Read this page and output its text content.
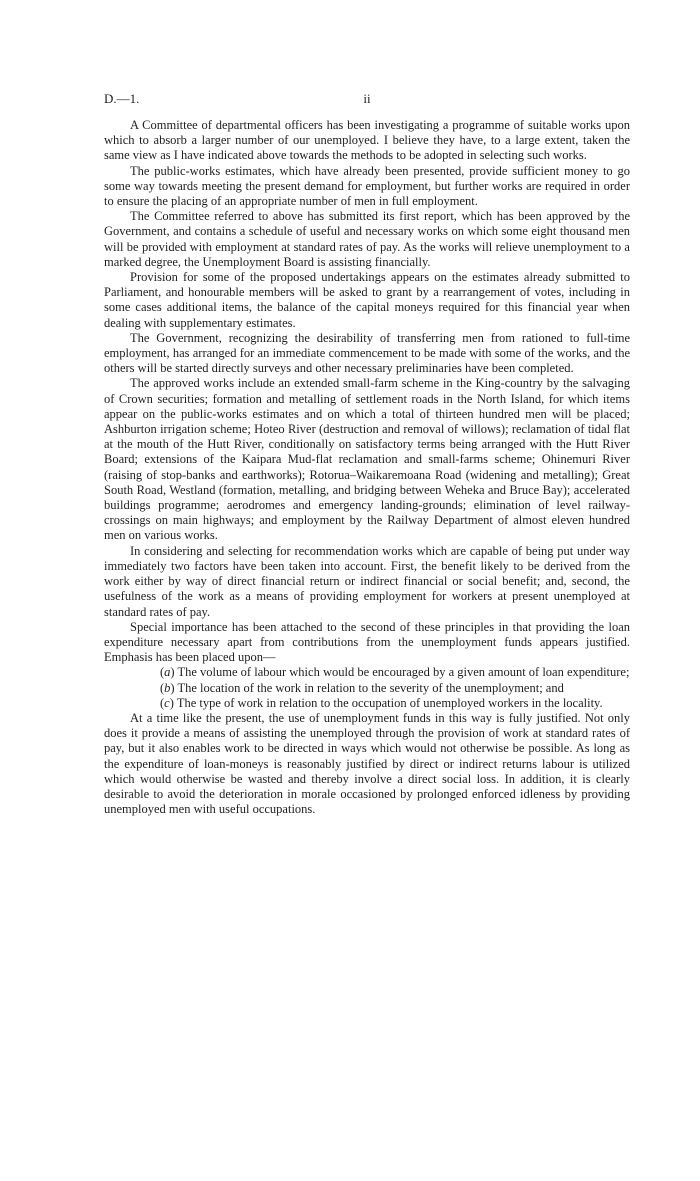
D.—1.	ii

A Committee of departmental officers has been investigating a programme of suitable works upon which to absorb a larger number of our unemployed. I believe they have, to a large extent, taken the same view as I have indicated above towards the methods to be adopted in selecting such works.

The public-works estimates, which have already been presented, provide sufficient money to go some way towards meeting the present demand for employment, but further works are required in order to ensure the placing of an appropriate number of men in full employment.

The Committee referred to above has submitted its first report, which has been approved by the Government, and contains a schedule of useful and necessary works on which some eight thousand men will be provided with employment at standard rates of pay. As the works will relieve unemployment to a marked degree, the Unemployment Board is assisting financially.

Provision for some of the proposed undertakings appears on the estimates already submitted to Parliament, and honourable members will be asked to grant by a rearrangement of votes, including in some cases additional items, the balance of the capital moneys required for this financial year when dealing with supplementary estimates.

The Government, recognizing the desirability of transferring men from rationed to full-time employment, has arranged for an immediate commencement to be made with some of the works, and the others will be started directly surveys and other necessary preliminaries have been completed.

The approved works include an extended small-farm scheme in the King-country by the salvaging of Crown securities; formation and metalling of settlement roads in the North Island, for which items appear on the public-works estimates and on which a total of thirteen hundred men will be placed; Ashburton irrigation scheme; Hoteo River (destruction and removal of willows); reclamation of tidal flat at the mouth of the Hutt River, conditionally on satisfactory terms being arranged with the Hutt River Board; extensions of the Kaipara Mud-flat reclamation and small-farms scheme; Ohinemuri River (raising of stop-banks and earthworks); Rotorua–Waikaremoana Road (widening and metalling); Great South Road, Westland (formation, metalling, and bridging between Weheka and Bruce Bay); accelerated buildings programme; aerodromes and emergency landing-grounds; elimination of level railway-crossings on main highways; and employment by the Railway Department of almost eleven hundred men on various works.

In considering and selecting for recommendation works which are capable of being put under way immediately two factors have been taken into account. First, the benefit likely to be derived from the work either by way of direct financial return or indirect financial or social benefit; and, second, the usefulness of the work as a means of providing employment for workers at present unemployed at standard rates of pay.

Special importance has been attached to the second of these principles in that providing the loan expenditure necessary apart from contributions from the unemployment funds appears justified. Emphasis has been placed upon—

(a) The volume of labour which would be encouraged by a given amount of loan expenditure;
(b) The location of the work in relation to the severity of the unemployment; and
(c) The type of work in relation to the occupation of unemployed workers in the locality.

At a time like the present, the use of unemployment funds in this way is fully justified. Not only does it provide a means of assisting the unemployed through the provision of work at standard rates of pay, but it also enables work to be directed in ways which would not otherwise be possible. As long as the expenditure of loan-moneys is reasonably justified by direct or indirect returns labour is utilized which would otherwise be wasted and thereby involve a direct social loss. In addition, it is clearly desirable to avoid the deterioration in morale occasioned by prolonged enforced idleness by providing unemployed men with useful occupations.
